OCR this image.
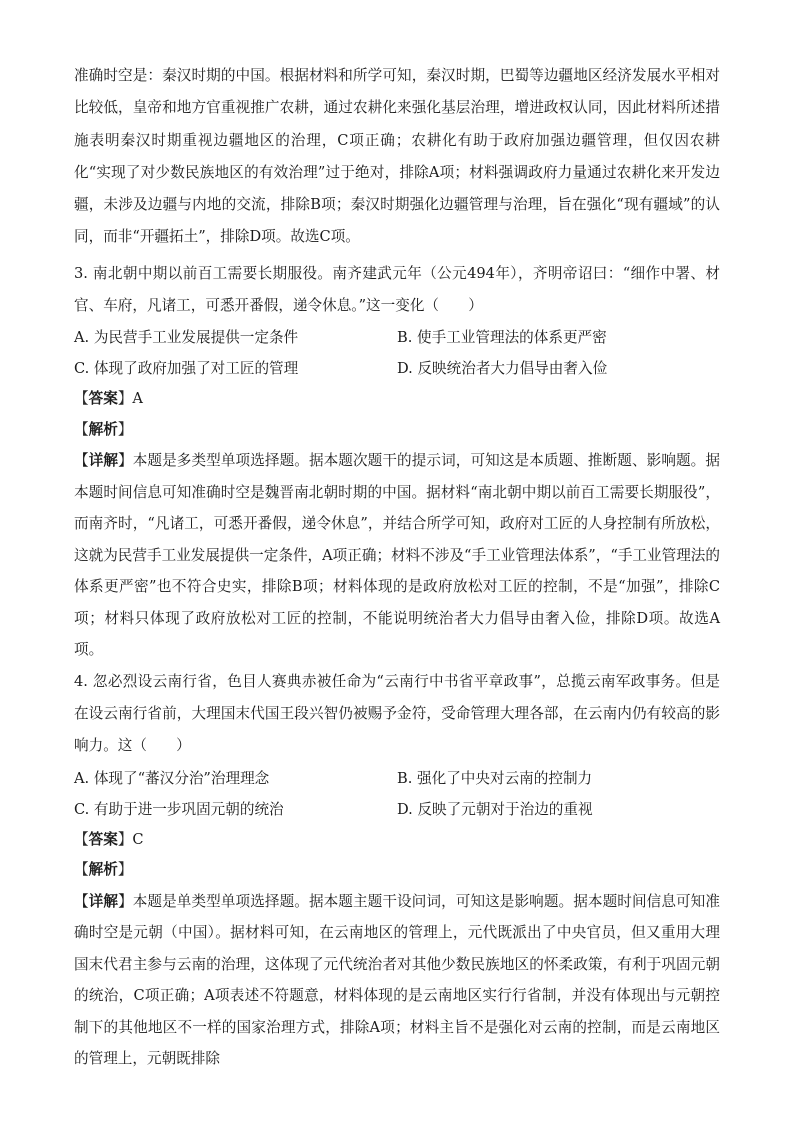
准确时空是：秦汉时期的中国。根据材料和所学可知，秦汉时期，巴蜀等边疆地区经济发展水平相对比较低，皇帝和地方官重视推广农耕，通过农耕化来强化基层治理，增进政权认同，因此材料所述措施表明秦汉时期重视边疆地区的治理，C项正确；农耕化有助于政府加强边疆管理，但仅因农耕化“实现了对少数民族地区的有效治理”过于绝对，排除A项；材料强调政府力量通过农耕化来开发边疆，未涉及边疆与内地的交流，排除B项；秦汉时期强化边疆管理与治理，旨在强化“现有疆域”的认同，而非“开疆拓土”，排除D项。故选C项。

3. 南北朝中期以前百工需要长期服役。南齐建武元年（公元494年），齐明帝诏曰：“细作中署、材官、车府，凡诸工，可悉开番假，递令休息。”这一变化（　　）

A. 为民营手工业发展提供一定条件	B. 使手工业管理法的体系更严密
C. 体现了政府加强了对工匠的管理	D. 反映统治者大力倡导由奢入俭
【答案】A
【解析】

【详解】本题是多类型单项选择题。据本题次题干的提示词，可知这是本质题、推断题、影响题。据本题时间信息可知准确时空是魏晋南北朝时期的中国。据材料“南北朝中期以前百工需要长期服役”，而南齐时，“凡诸工，可悉开番假，递令休息”，并结合所学可知，政府对工匠的人身控制有所放松，这就为民营手工业发展提供一定条件，A项正确；材料不涉及“手工业管理法体系”，“手工业管理法的体系更严密”也不符合史实，排除B项；材料体现的是政府放松对工匠的控制，不是“加强”，排除C项；材料只体现了政府放松对工匠的控制，不能说明统治者大力倡导由奢入俭，排除D项。故选A项。

4. 忽必烈设云南行省，色目人赛典赤被任命为“云南行中书省平章政事”，总揽云南军政事务。但是在设云南行省前，大理国末代国王段兴智仍被赐予金符，受命管理大理各部，在云南内仍有较高的影响力。这（　　）

A. 体现了“蕃汉分治”治理理念	B. 强化了中央对云南的控制力
C. 有助于进一步巩固元朝的统治	D. 反映了元朝对于治边的重视
【答案】C
【解析】

【详解】本题是单类型单项选择题。据本题主题干设问词，可知这是影响题。据本题时间信息可知准确时空是元朝（中国）。据材料可知，在云南地区的管理上，元代既派出了中央官员，但又重用大理国末代君主参与云南的治理，这体现了元代统治者对其他少数民族地区的怀柔政策，有利于巩固元朝的统治，C项正确；A项表述不符题意，材料体现的是云南地区实行行省制，并没有体现出与元朝控制下的其他地区不一样的国家治理方式，排除A项；材料主旨不是强化对云南的控制，而是云南地区的管理上，元朝既排除
